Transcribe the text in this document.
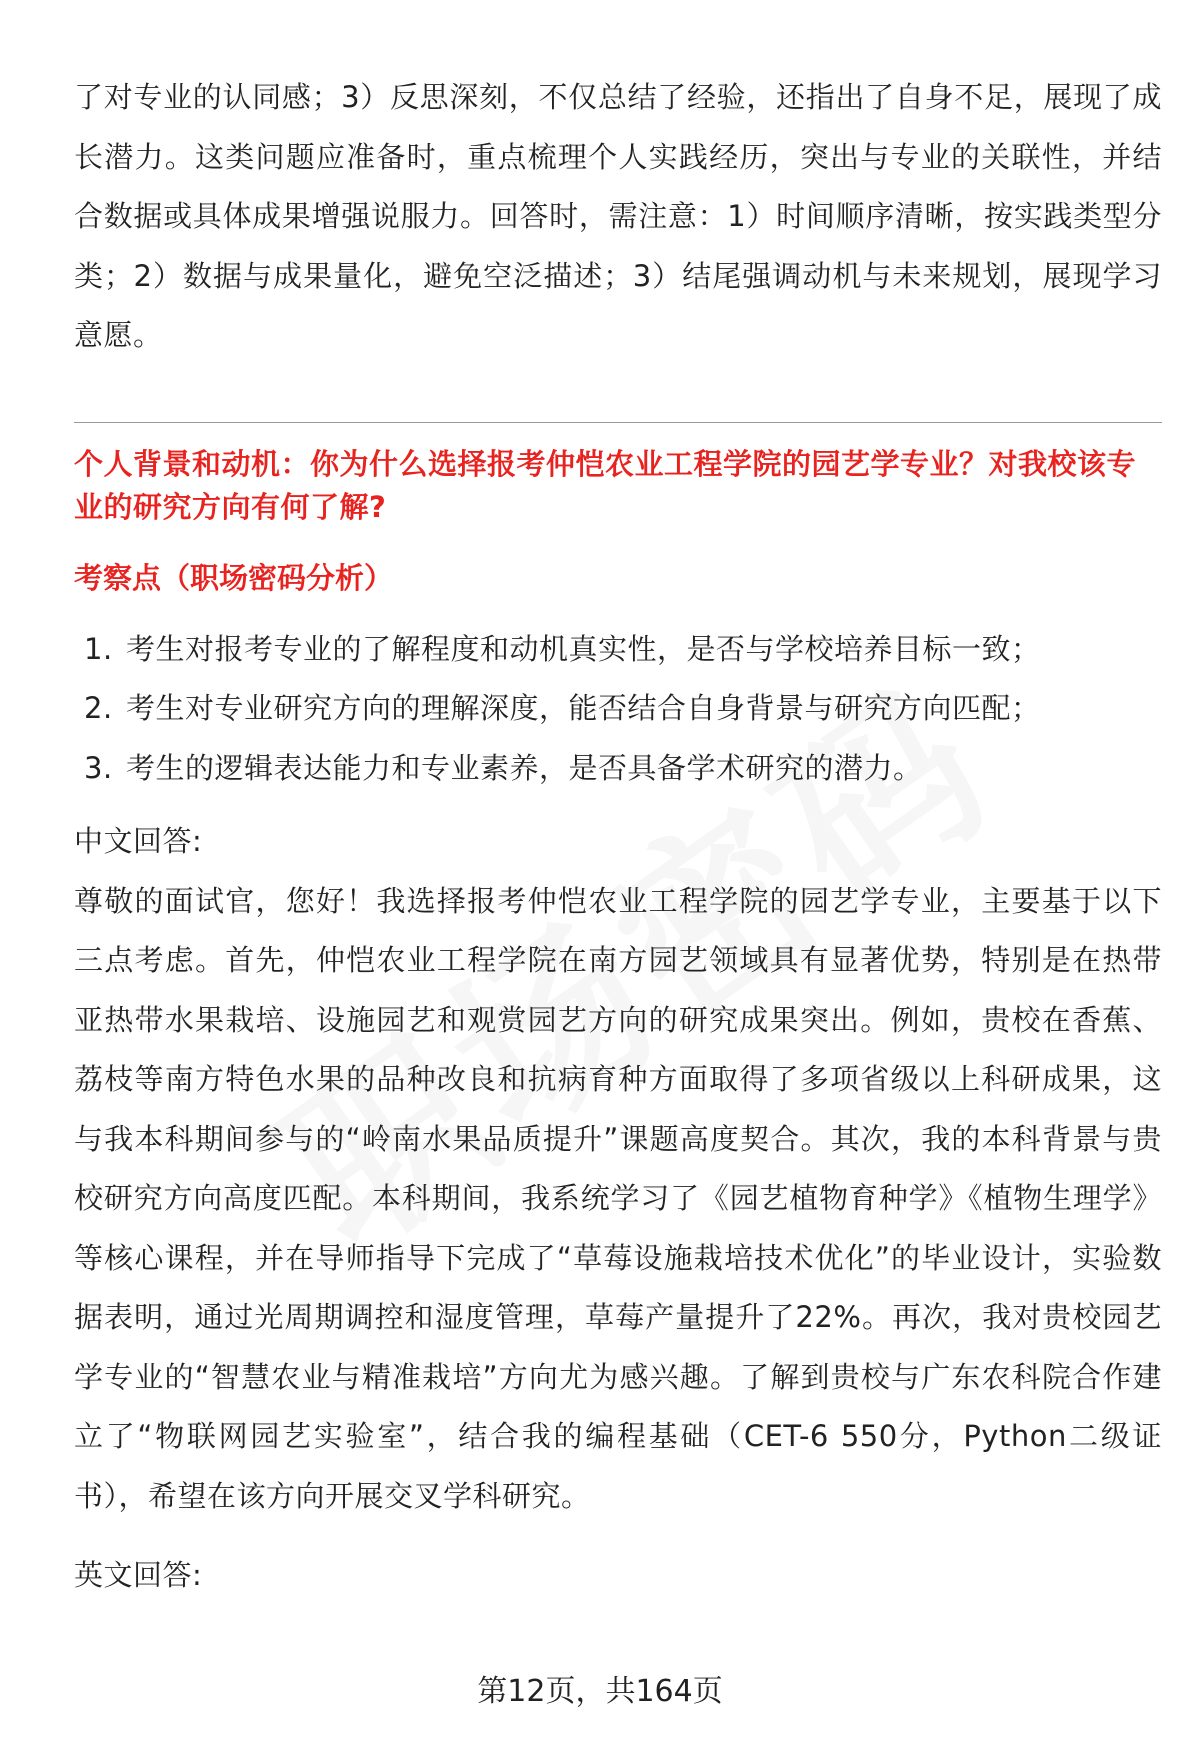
了对专业的认同感；3）反思深刻，不仅总结了经验，还指出了自身不足，展现了成长潜力。这类问题应准备时，重点梳理个人实践经历，突出与专业的关联性，并结合数据或具体成果增强说服力。回答时，需注意：1）时间顺序清晰，按实践类型分类；2）数据与成果量化，避免空泛描述；3）结尾强调动机与未来规划，展现学习意愿。

个人背景和动机：你为什么选择报考仲恺农业工程学院的园艺学专业？对我校该专业的研究方向有何了解?

考察点（职场密码分析）

1. 考生对报考专业的了解程度和动机真实性，是否与学校培养目标一致；
2. 考生对专业研究方向的理解深度，能否结合自身背景与研究方向匹配；
3. 考生的逻辑表达能力和专业素养，是否具备学术研究的潜力。

中文回答:

尊敬的面试官，您好！我选择报考仲恺农业工程学院的园艺学专业，主要基于以下三点考虑。首先，仲恺农业工程学院在南方园艺领域具有显著优势，特别是在热带亚热带水果栽培、设施园艺和观赏园艺方向的研究成果突出。例如，贵校在香蕉、荔枝等南方特色水果的品种改良和抗病育种方面取得了多项省级以上科研成果，这与我本科期间参与的“岭南水果品质提升”课题高度契合。其次，我的本科背景与贵校研究方向高度匹配。本科期间，我系统学习了《园艺植物育种学》《植物生理学》等核心课程，并在导师指导下完成了“草莓设施栽培技术优化”的毕业设计，实验数据表明，通过光周期调控和湿度管理，草莓产量提升了22%。再次，我对贵校园艺学专业的“智慧农业与精准栽培”方向尤为感兴趣。了解到贵校与广东农科院合作建立了“物联网园艺实验室”，结合我的编程基础（CET-6 550分，Python二级证书），希望在该方向开展交叉学科研究。

英文回答:

第12页，共164页
